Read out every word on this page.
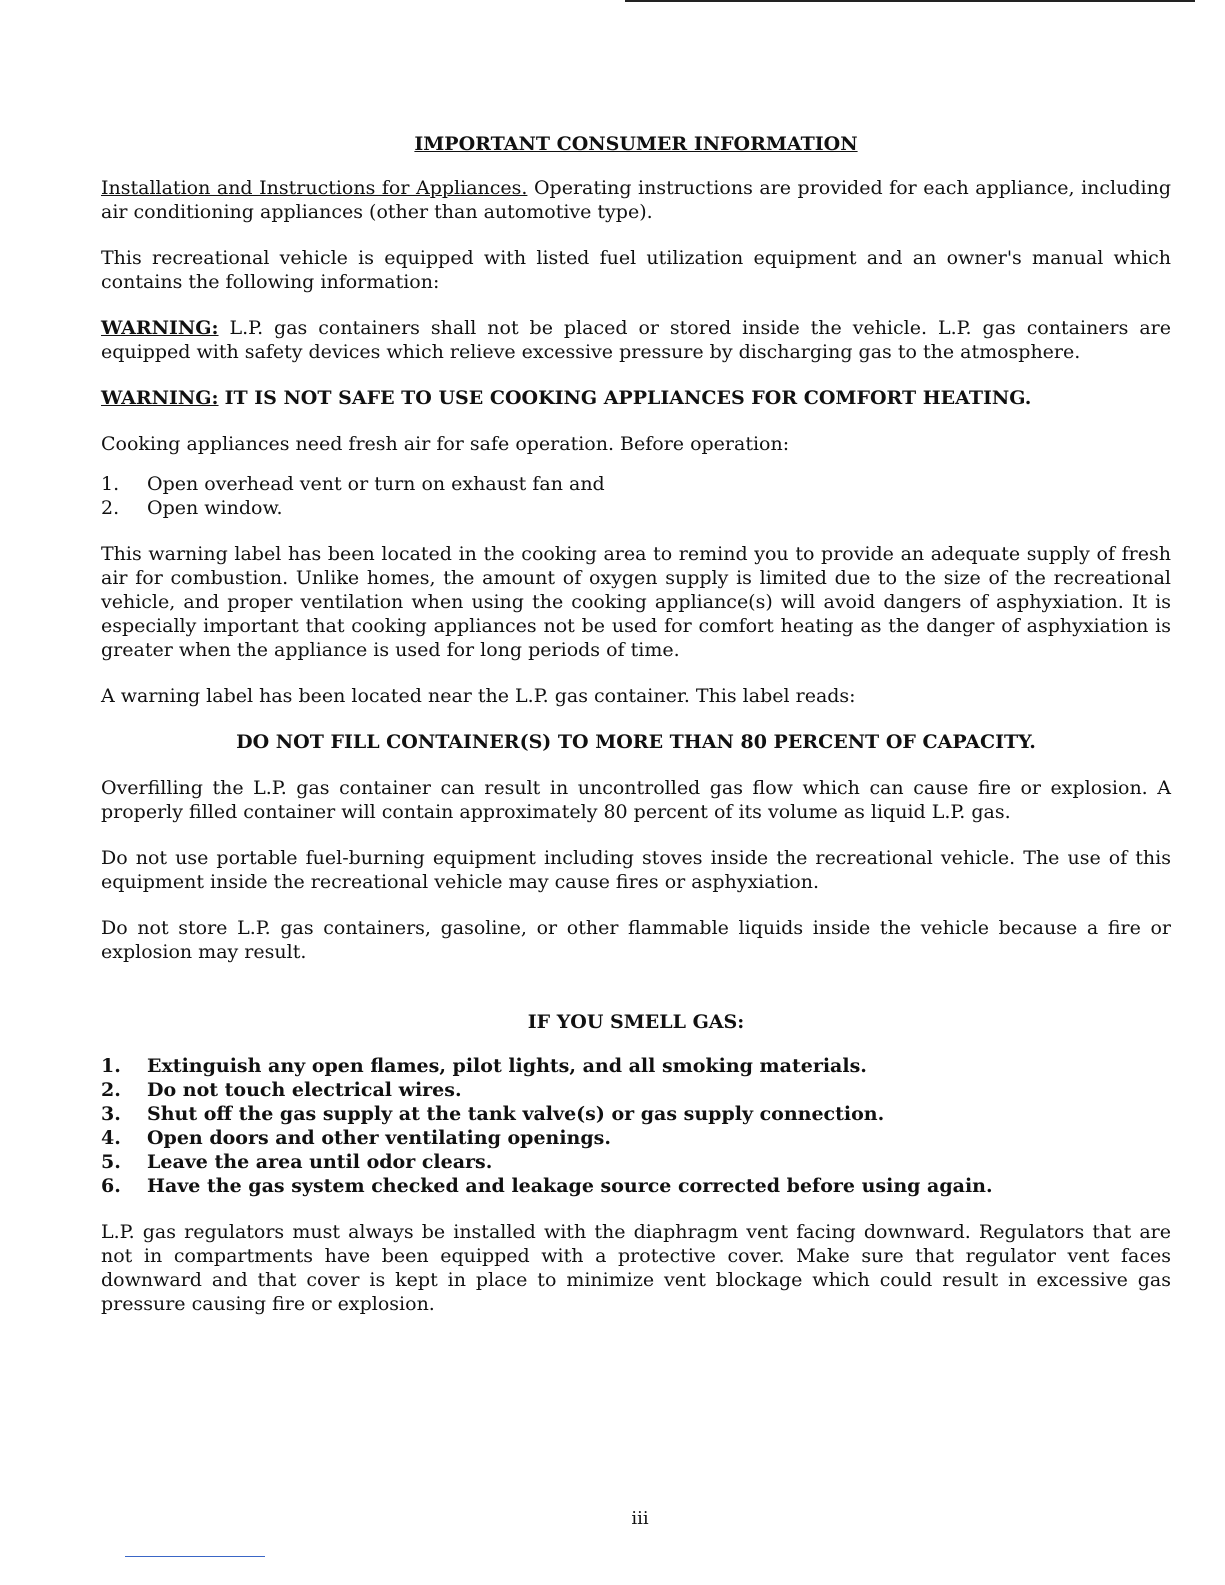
IMPORTANT CONSUMER INFORMATION

Installation and Instructions for Appliances. Operating instructions are provided for each appliance, including air conditioning appliances (other than automotive type).

This recreational vehicle is equipped with listed fuel utilization equipment and an owner's manual which contains the following information:

WARNING: L.P. gas containers shall not be placed or stored inside the vehicle. L.P. gas containers are equipped with safety devices which relieve excessive pressure by discharging gas to the atmosphere.

WARNING: IT IS NOT SAFE TO USE COOKING APPLIANCES FOR COMFORT HEATING.

Cooking appliances need fresh air for safe operation. Before operation:

1.	Open overhead vent or turn on exhaust fan and
2.	Open window.

This warning label has been located in the cooking area to remind you to provide an adequate supply of fresh air for combustion. Unlike homes, the amount of oxygen supply is limited due to the size of the recreational vehicle, and proper ventilation when using the cooking appliance(s) will avoid dangers of asphyxiation. It is especially important that cooking appliances not be used for comfort heating as the danger of asphyxiation is greater when the appliance is used for long periods of time.

A warning label has been located near the L.P. gas container. This label reads:

DO NOT FILL CONTAINER(S) TO MORE THAN 80 PERCENT OF CAPACITY.

Overfilling the L.P. gas container can result in uncontrolled gas flow which can cause fire or explosion. A properly filled container will contain approximately 80 percent of its volume as liquid L.P. gas.

Do not use portable fuel-burning equipment including stoves inside the recreational vehicle. The use of this equipment inside the recreational vehicle may cause fires or asphyxiation.

Do not store L.P. gas containers, gasoline, or other flammable liquids inside the vehicle because a fire or explosion may result.

IF YOU SMELL GAS:
1.	Extinguish any open flames, pilot lights, and all smoking materials.
2.	Do not touch electrical wires.
3.	Shut off the gas supply at the tank valve(s) or gas supply connection.
4.	Open doors and other ventilating openings.
5.	Leave the area until odor clears.
6.	Have the gas system checked and leakage source corrected before using again.

L.P. gas regulators must always be installed with the diaphragm vent facing downward. Regulators that are not in compartments have been equipped with a protective cover. Make sure that regulator vent faces downward and that cover is kept in place to minimize vent blockage which could result in excessive gas pressure causing fire or explosion.

iii
